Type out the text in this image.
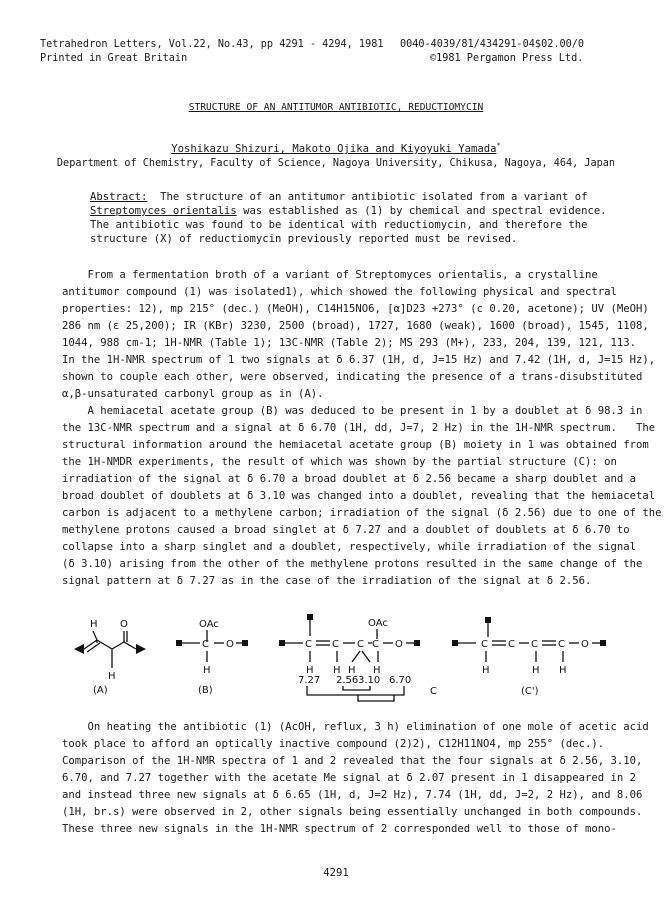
Tetrahedron Letters, Vol.22, No.43, pp 4291 - 4294, 1981
Printed in Great Britain
0040-4039/81/434291-04$02.00/0
©1981 Pergamon Press Ltd.
STRUCTURE OF AN ANTITUMOR ANTIBIOTIC, REDUCTIOMYCIN
Yoshikazu Shizuri, Makoto Ojika and Kiyoyuki Yamada*
Department of Chemistry, Faculty of Science, Nagoya University, Chikusa, Nagoya, 464, Japan
Abstract: The structure of an antitumor antibiotic isolated from a variant of
Streptomyces orientalis was established as (1) by chemical and spectral evidence.
The antibiotic was found to be identical with reductiomycin, and therefore the
structure (X) of reductiomycin previously reported must be revised.
From a fermentation broth of a variant of Streptomyces orientalis, a crystalline
antitumor compound (1) was isolated1), which showed the following physical and spectral
properties: 12), mp 215° (dec.) (MeOH), C14H15NO6, [α]D23 +273° (c 0.20, acetone); UV (MeOH)
286 nm (ε 25,200); IR (KBr) 3230, 2500 (broad), 1727, 1680 (weak), 1600 (broad), 1545, 1108,
1044, 988 cm-1; 1H-NMR (Table 1); 13C-NMR (Table 2); MS 293 (M+), 233, 204, 139, 121, 113.
In the 1H-NMR spectrum of 1 two signals at δ 6.37 (1H, d, J=15 Hz) and 7.42 (1H, d, J=15 Hz),
shown to couple each other, were observed, indicating the presence of a trans-disubstituted
α,β-unsaturated carbonyl group as in (A).
A hemiacetal acetate group (B) was deduced to be present in 1 by a doublet at δ 98.3 in
the 13C-NMR spectrum and a signal at δ 6.70 (1H, dd, J=7, 2 Hz) in the 1H-NMR spectrum.   The
structural information around the hemiacetal acetate group (B) moiety in 1 was obtained from
the 1H-NMDR experiments, the result of which was shown by the partial structure (C): on
irradiation of the signal at δ 6.70 a broad doublet at δ 2.56 became a sharp doublet and a
broad doublet of doublets at δ 3.10 was changed into a doublet, revealing that the hemiacetal
carbon is adjacent to a methylene carbon; irradiation of the signal (δ 2.56) due to one of the
methylene protons caused a broad singlet at δ 7.27 and a doublet of doublets at δ 6.70 to
collapse into a sharp singlet and a doublet, respectively, while irradiation of the signal
(δ 3.10) arising from the other of the methylene protons resulted in the same change of the
signal pattern at δ 7.27 as in the case of the irradiation of the signal at δ 2.56.
H O
H
(A)
OAc
C O
H
(B)
OAc
C C C C O
H H H H
7.27 2.56 3.10 6.70
C
C C C C O
H	H H
(C')
On heating the antibiotic (1) (AcOH, reflux, 3 h) elimination of one mole of acetic acid
took place to afford an optically inactive compound (2)2), C12H11NO4, mp 255° (dec.).
Comparison of the 1H-NMR spectra of 1 and 2 revealed that the four signals at δ 2.56, 3.10,
6.70, and 7.27 together with the acetate Me signal at δ 2.07 present in 1 disappeared in 2
and instead three new signals at δ 6.65 (1H, d, J=2 Hz), 7.74 (1H, dd, J=2, 2 Hz), and 8.06
(1H, br.s) were observed in 2, other signals being essentially unchanged in both compounds.
These three new signals in the 1H-NMR spectrum of 2 corresponded well to those of mono-
4291
